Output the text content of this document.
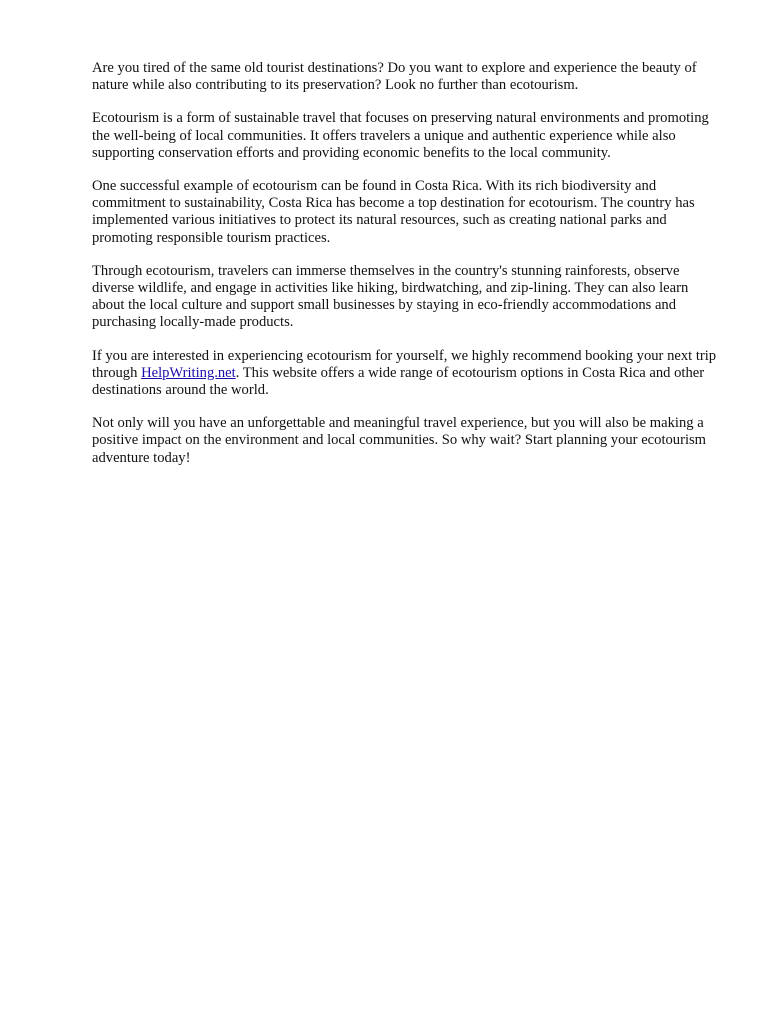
Are you tired of the same old tourist destinations? Do you want to explore and experience the beauty of nature while also contributing to its preservation? Look no further than ecotourism.

Ecotourism is a form of sustainable travel that focuses on preserving natural environments and promoting the well-being of local communities. It offers travelers a unique and authentic experience while also supporting conservation efforts and providing economic benefits to the local community.

One successful example of ecotourism can be found in Costa Rica. With its rich biodiversity and commitment to sustainability, Costa Rica has become a top destination for ecotourism. The country has implemented various initiatives to protect its natural resources, such as creating national parks and promoting responsible tourism practices.

Through ecotourism, travelers can immerse themselves in the country's stunning rainforests, observe diverse wildlife, and engage in activities like hiking, birdwatching, and zip-lining. They can also learn about the local culture and support small businesses by staying in eco-friendly accommodations and purchasing locally-made products.

If you are interested in experiencing ecotourism for yourself, we highly recommend booking your next trip through HelpWriting.net. This website offers a wide range of ecotourism options in Costa Rica and other destinations around the world.

Not only will you have an unforgettable and meaningful travel experience, but you will also be making a positive impact on the environment and local communities. So why wait? Start planning your ecotourism adventure today!
